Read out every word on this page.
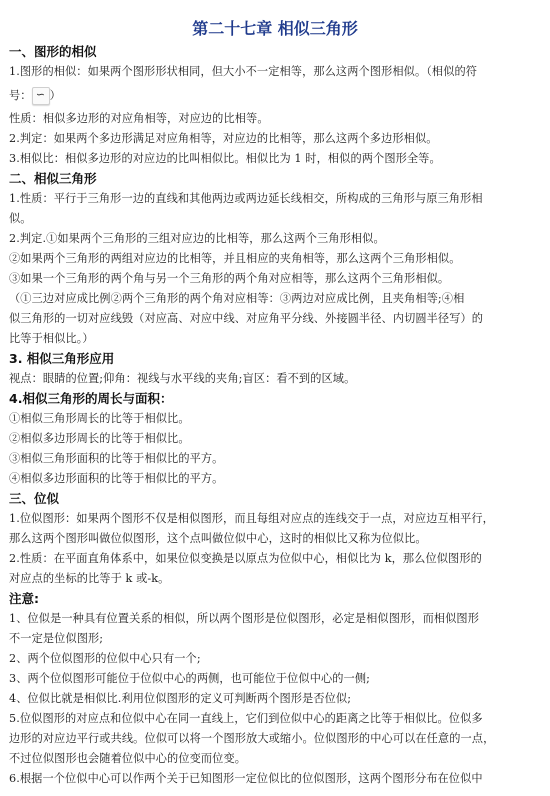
第二十七章 相似三角形
一、图形的相似
1.图形的相似：如果两个图形形状相同，但大小不一定相等，那么这两个图形相似。（相似的符
号： ∽ ）
性质：相似多边形的对应角相等，对应边的比相等。
2.判定：如果两个多边形满足对应角相等，对应边的比相等，那么这两个多边形相似。
3.相似比：相似多边形的对应边的比叫相似比。相似比为 1 时，相似的两个图形全等。
二、相似三角形
1.性质：平行于三角形一边的直线和其他两边或两边延长线相交，所构成的三角形与原三角形相
似。
2.判定.①如果两个三角形的三组对应边的比相等，那么这两个三角形相似。
②如果两个三角形的两组对应边的比相等，并且相应的夹角相等，那么这两个三角形相似。
③如果一个三角形的两个角与另一个三角形的两个角对应相等，那么这两个三角形相似。
（①三边对应成比例②两个三角形的两个角对应相等：③两边对应成比例，且夹角相等;④相
似三角形的一切对应线毁（对应高、对应中线、对应角平分线、外接圆半径、内切圆半径写）的
比等于相似比。）
3. 相似三角形应用
视点：眼睛的位置;仰角：视线与水平线的夹角;盲区：看不到的区域。
4.相似三角形的周长与面积：
①相似三角形周长的比等于相似比。
②相似多边形周长的比等于相似比。
③相似三角形面积的比等于相似比的平方。
④相似多边形面积的比等于相似比的平方。
三、位似
1.位似图形：如果两个图形不仅是相似图形，而且每组对应点的连线交于一点，对应边互相平行，
那么这两个图形叫做位似图形，这个点叫做位似中心，这时的相似比又称为位似比。
2.性质：在平面直角体系中，如果位似变换是以原点为位似中心，相似比为 k，那么位似图形的
对应点的坐标的比等于 k 或-k。
注意:
1、位似是一种具有位置关系的相似，所以两个图形是位似图形，必定是相似图形，而相似图形
不一定是位似图形;
2、两个位似图形的位似中心只有一个;
3、两个位似图形可能位于位似中心的两侧，也可能位于位似中心的一侧;
4、位似比就是相似比.利用位似图形的定义可判断两个图形是否位似;
5.位似图形的对应点和位似中心在同一直线上，它们到位似中心的距离之比等于相似比。位似多
边形的对应边平行或共线。位似可以将一个图形放大或缩小。位似图形的中心可以在任意的一点，
不过位似图形也会随着位似中心的位变而位变。
6.根据一个位似中心可以作两个关于已知图形一定位似比的位似图形，这两个图形分布在位似中
